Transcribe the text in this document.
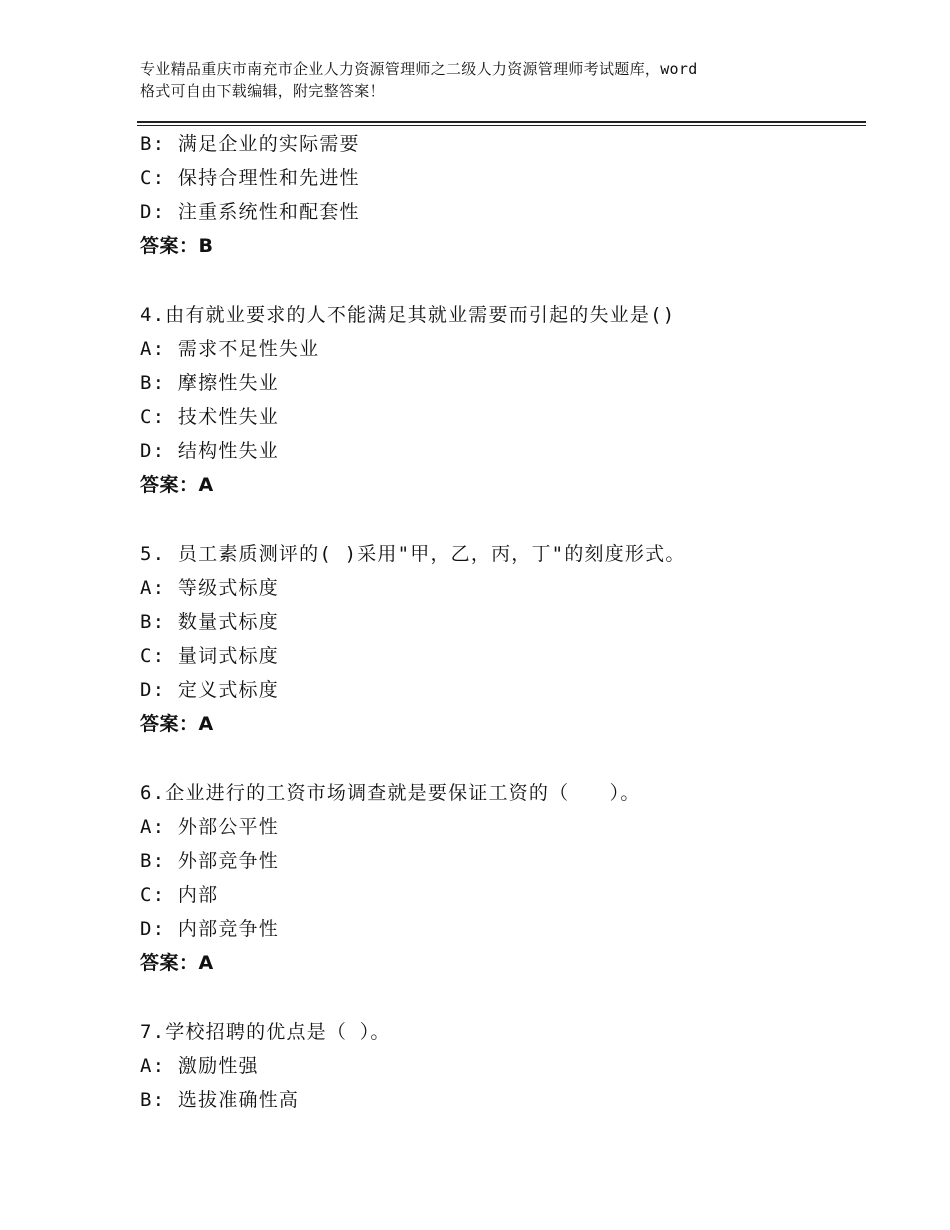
专业精品重庆市南充市企业人力资源管理师之二级人力资源管理师考试题库，word
格式可自由下载编辑，附完整答案！
B: 满足企业的实际需要
C: 保持合理性和先进性
D: 注重系统性和配套性
答案：B
4.由有就业要求的人不能满足其就业需要而引起的失业是()
A: 需求不足性失业
B: 摩擦性失业
C: 技术性失业
D: 结构性失业
答案：A
5. 员工素质测评的( )采用"甲，乙，丙，丁"的刻度形式。
A: 等级式标度
B: 数量式标度
C: 量词式标度
D: 定义式标度
答案：A
6.企业进行的工资市场调查就是要保证工资的（　　）。
A: 外部公平性
B: 外部竞争性
C: 内部
D: 内部竞争性
答案：A
7.学校招聘的优点是（ ）。
A: 激励性强
B: 选拔准确性高
